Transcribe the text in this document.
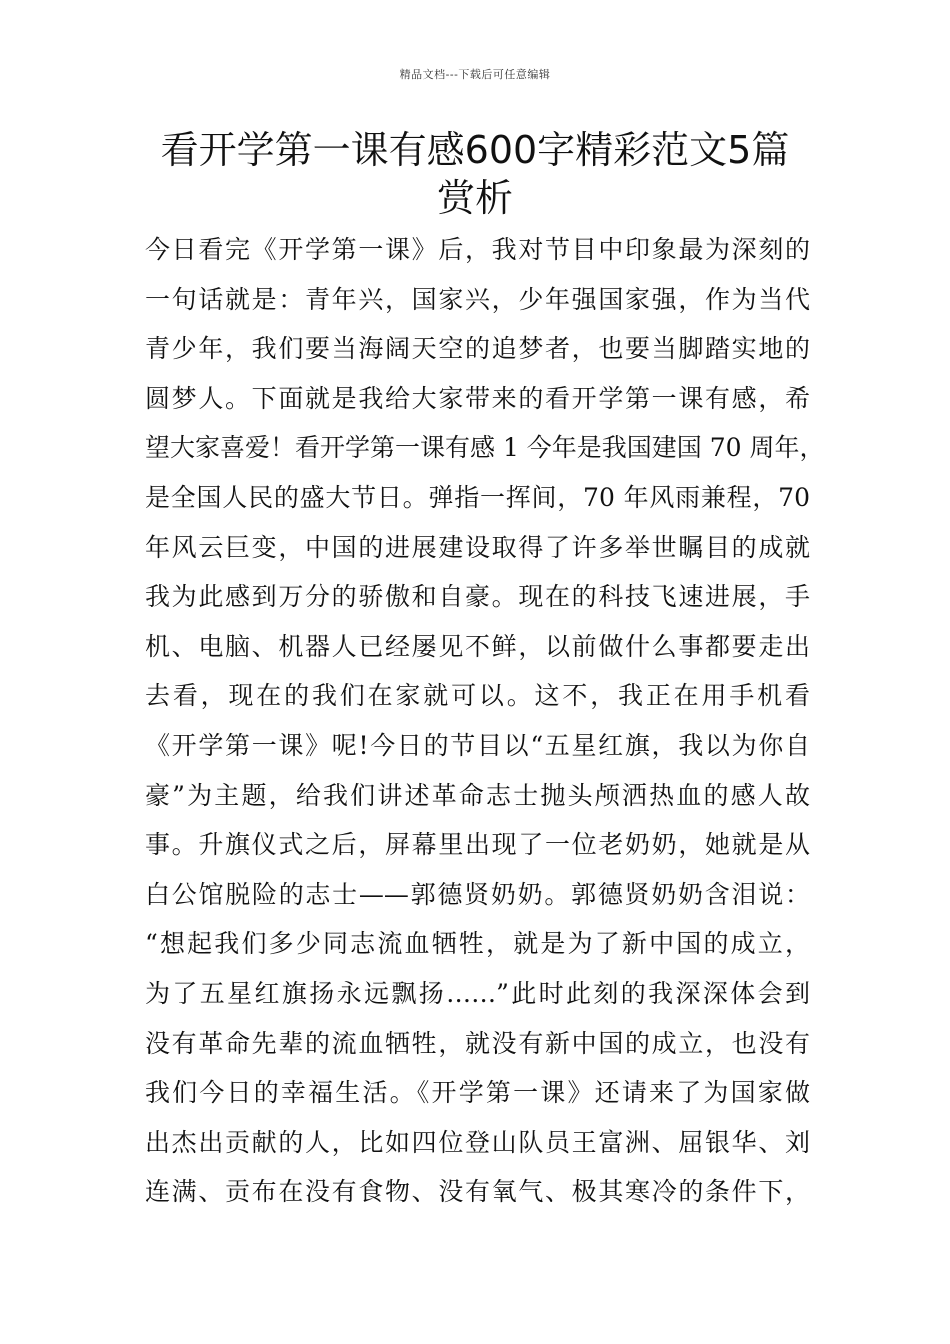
精品文档---下载后可任意编辑
看开学第一课有感600字精彩范文5篇
赏析
今日看完《开学第一课》后，我对节目中印象最为深刻的
一句话就是：青年兴，国家兴，少年强国家强，作为当代
青少年，我们要当海阔天空的追梦者，也要当脚踏实地的
圆梦人。下面就是我给大家带来的看开学第一课有感，希
望大家喜爱！看开学第一课有感 1 今年是我国建国 70 周年，
是全国人民的盛大节日。弹指一挥间，70 年风雨兼程，70
年风云巨变，中国的进展建设取得了许多举世瞩目的成就
我为此感到万分的骄傲和自豪。现在的科技飞速进展，手
机、电脑、机器人已经屡见不鲜，以前做什么事都要走出
去看，现在的我们在家就可以。这不，我正在用手机看
《开学第一课》呢!今日的节目以“五星红旗，我以为你自
豪”为主题，给我们讲述革命志士抛头颅洒热血的感人故
事。升旗仪式之后，屏幕里出现了一位老奶奶，她就是从
白公馆脱险的志士——郭德贤奶奶。郭德贤奶奶含泪说：
“想起我们多少同志流血牺牲，就是为了新中国的成立，
为了五星红旗扬永远飘扬……”此时此刻的我深深体会到
没有革命先辈的流血牺牲，就没有新中国的成立，也没有
我们今日的幸福生活。《开学第一课》还请来了为国家做
出杰出贡献的人，比如四位登山队员王富洲、屈银华、刘
连满、贡布在没有食物、没有氧气、极其寒冷的条件下，
